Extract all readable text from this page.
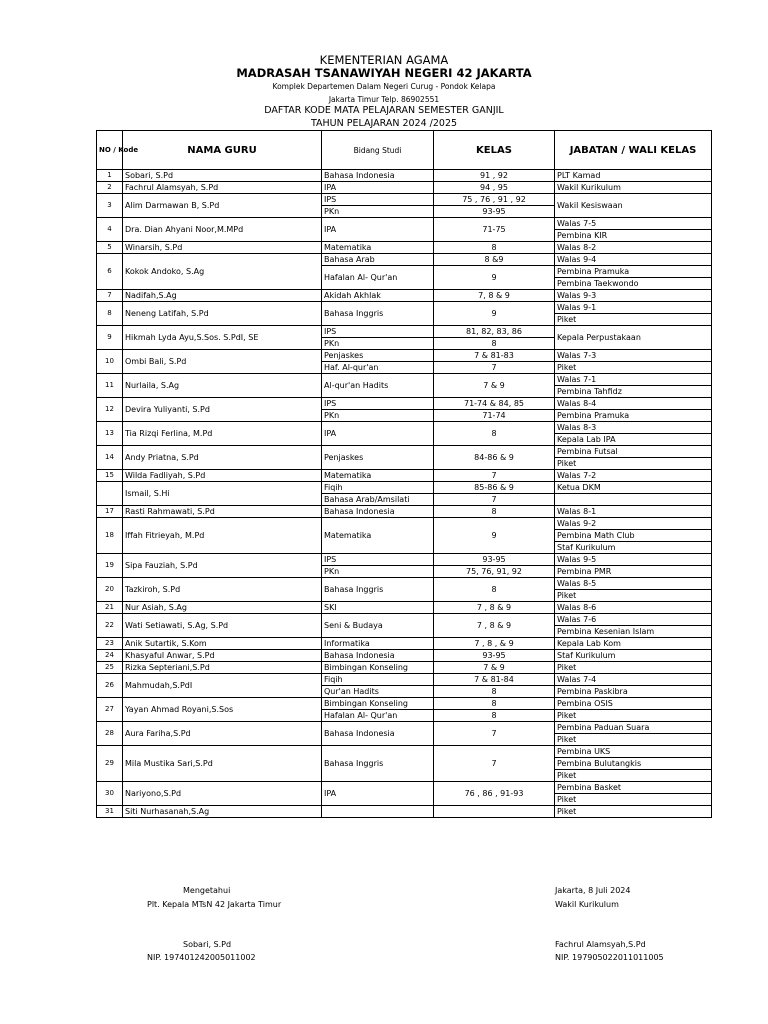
KEMENTERIAN AGAMA
MADRASAH TSANAWIYAH NEGERI 42 JAKARTA
Komplek Departemen Dalam Negeri Curug - Pondok Kelapa
Jakarta Timur Telp. 86902551
DAFTAR KODE MATA PELAJARAN SEMESTER GANJIL
TAHUN PELAJARAN 2024 /2025
NO / Kode	NAMA GURU	Bidang Studi	KELAS	JABATAN / WALI KELAS
1	Sobari, S.Pd	Bahasa Indonesia	91 , 92	PLT Kamad
2	Fachrul Alamsyah, S.Pd	IPA	94 , 95	Wakil Kurikulum
3	Alim Darmawan B, S.Pd	IPS	75 , 76 , 91 , 92	Wakil Kesiswaan
		PKn	93-95	
4	Dra. Dian Ahyani Noor,M.MPd	IPA	71-75	Walas 7-5
				Pembina KIR
5	Winarsih, S.Pd	Matematika	8	Walas 8-2
6	Kokok Andoko, S.Ag	Bahasa Arab	8 &9	Walas 9-4

				Pembina Pramuka
		Hafalan Al- Qur'an	9	
				Pembina Taekwondo

7	Nadifah,S.Ag	Akidah Akhlak	7, 8 & 9	Walas 9-3
8	Neneng Latifah, S.Pd	Bahasa Inggris	9	Walas 9-1
				Piket
9	Hikmah Lyda Ayu,S.Sos. S.PdI, SE	IPS	81, 82, 83, 86	Kepala Perpustakaan
		PKn	8	
10	Ombi Bali, S.Pd	Penjaskes	7 & 81-83	Walas 7-3
		Haf. Al-qur'an	7	Piket
11	Nurlaila, S.Ag	Al-qur'an Hadits	7 & 9	Walas 7-1
				Pembina Tahfidz
12	Devira Yuliyanti, S.Pd	IPS	71-74 & 84, 85	Walas 8-4
		PKn	71-74	Pembina Pramuka
13	Tia Rizqi Ferlina, M.Pd	IPA	8	Walas 8-3
				Kepala Lab IPA
14	Andy Priatna, S.Pd	Penjaskes	84-86 & 9	Pembina Futsal
				Piket
15	Wilda Fadliyah, S.Pd	Matematika	7	Walas 7-2
	Ismail, S.Hi	Fiqih	85-86 & 9	Ketua DKM
		Bahasa Arab/Amsilati	7	
17	Rasti Rahmawati, S.Pd	Bahasa Indonesia	8	Walas 8-1
18	Iffah Fitrieyah, M.Pd	Matematika	9	Walas 9-2
				Pembina Math Club
				Staf Kurikulum
19	Sipa Fauziah, S.Pd	IPS	93-95	Walas 9-5
		PKn	75, 76, 91, 92	Pembina PMR
20	Tazkiroh, S.Pd	Bahasa Inggris	8	Walas 8-5
				Piket
21	Nur Asiah, S.Ag	SKI	7 , 8 & 9	Walas 8-6
22	Wati Setiawati, S.Ag, S.Pd	Seni & Budaya	7 , 8 & 9	Walas 7-6
				Pembina Kesenian Islam
23	Anik Sutartik, S.Kom	Informatika	7 , 8 , & 9	Kepala Lab Kom
24	Khasyaful Anwar, S.Pd	Bahasa Indonesia	93-95	Staf Kurikulum
25	Rizka Septeriani,S.Pd	Bimbingan Konseling	7 & 9	Piket
26	Mahmudah,S.PdI	Fiqih	7 & 81-84	Walas 7-4
		Qur'an Hadits	8	Pembina Paskibra
27	Yayan Ahmad Royani,S.Sos	Bimbingan Konseling	8	Pembina OSIS
		Hafalan Al- Qur'an	8	Piket
28	Aura Fariha,S.Pd	Bahasa Indonesia	7	Pembina Paduan Suara
				Piket
29	Mila Mustika Sari,S.Pd	Bahasa Inggris	7	Pembina UKS
				Pembina Bulutangkis
				Piket
30	Nariyono,S.Pd	IPA	76 , 86 , 91-93	Pembina Basket
				Piket
31	Siti Nurhasanah,S.Ag			Piket
Mengetahui
Plt. Kepala MTsN 42 Jakarta Timur
Sobari, S.Pd
NIP. 197401242005011002
Jakarta, 8 Juli 2024
Wakil Kurikulum
Fachrul Alamsyah,S.Pd
NIP. 197905022011011005
